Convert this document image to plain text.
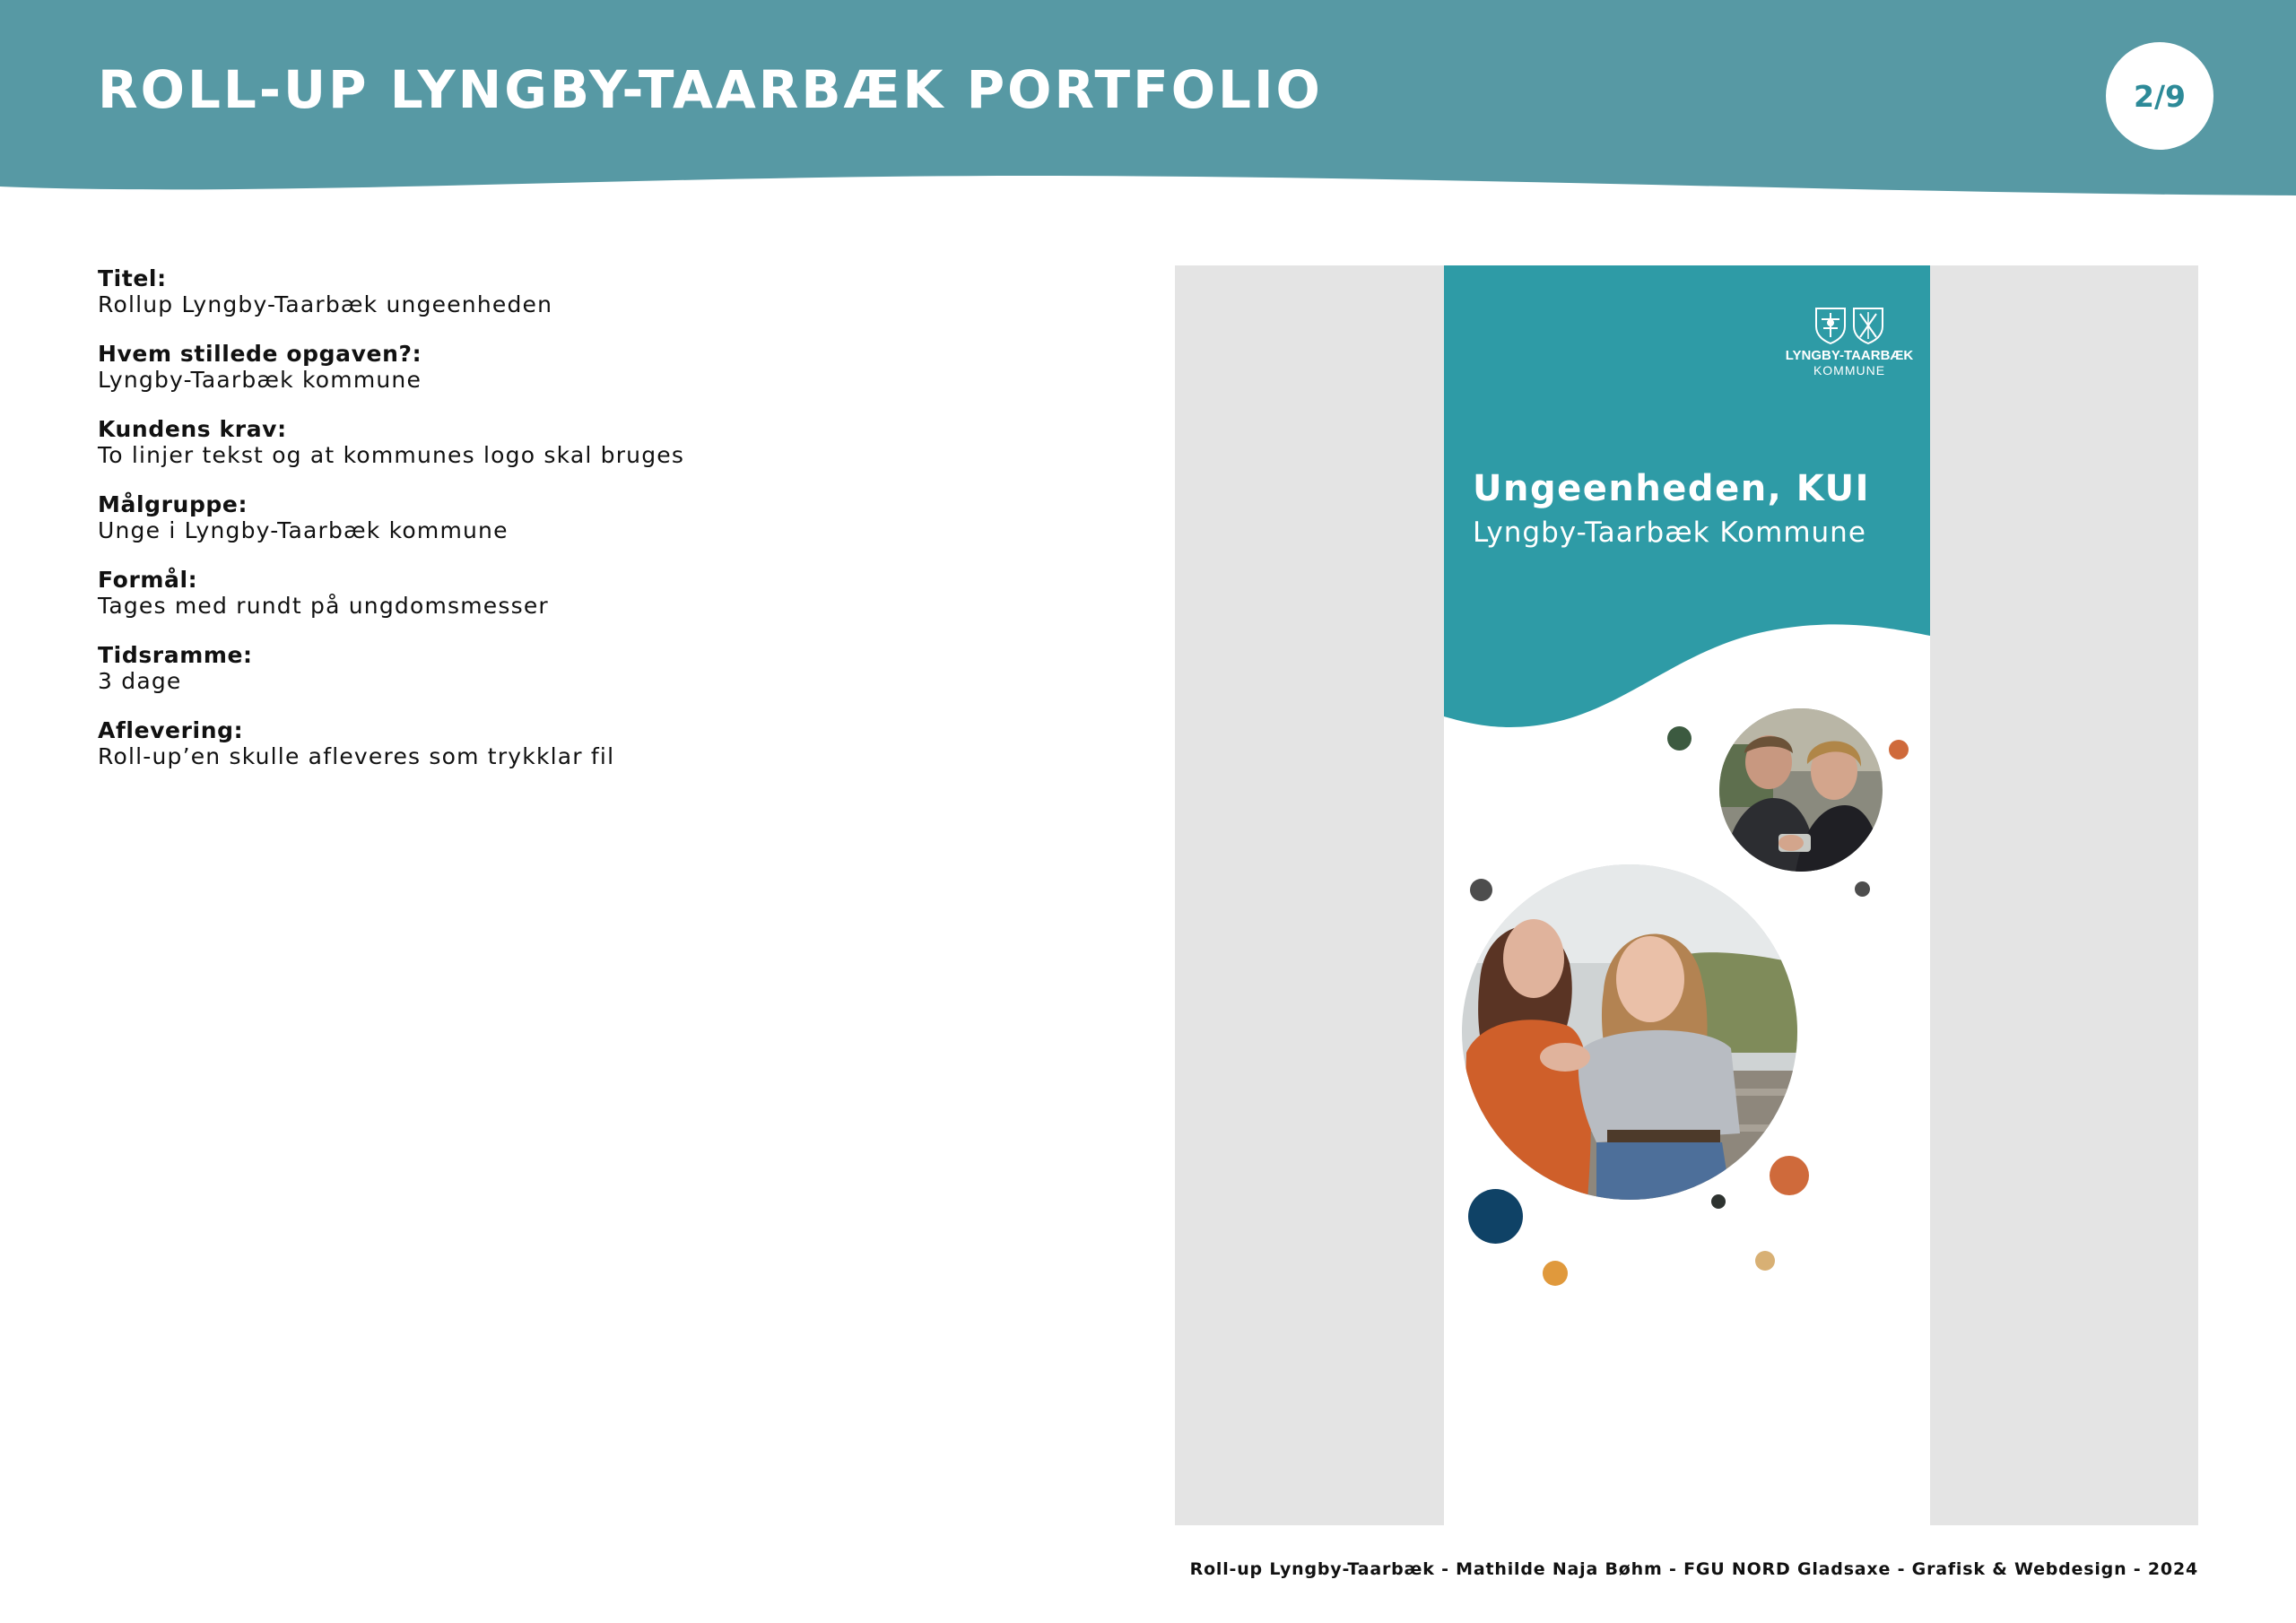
ROLL-UP LYNGBY-TAARBÆK PORTFOLIO	2/9
Titel:
Rollup Lyngby-Taarbæk ungeenheden
Hvem stillede opgaven?:
Lyngby-Taarbæk kommune
Kundens krav:
To linjer tekst og at kommunes logo skal bruges
Målgruppe:
Unge i Lyngby-Taarbæk kommune
Formål:
Tages med rundt på ungdomsmesser
Tidsramme:
3 dage
Aflevering:
Roll-up’en skulle afleveres som trykklar fil
LYNGBY-TAARBÆK
KOMMUNE
Ungeenheden, KUI
Lyngby-Taarbæk Kommune
Roll-up Lyngby-Taarbæk - Mathilde Naja Bøhm - FGU NORD Gladsaxe - Grafisk & Webdesign - 2024
